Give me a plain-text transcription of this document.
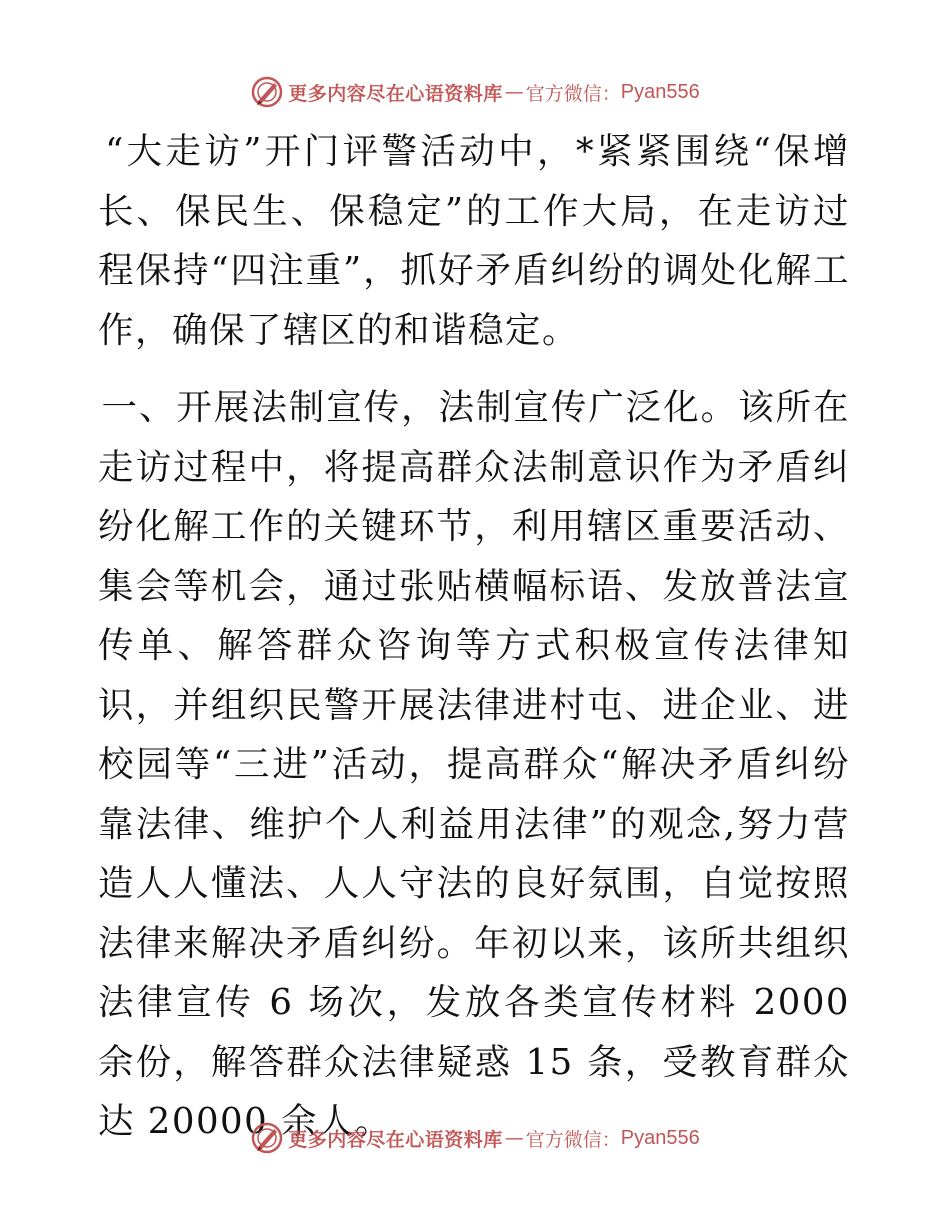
更多内容尽在心语资料库 — 官方微信： Pyan556

“大走访”开门评警活动中，*紧紧围绕“保增长、保民生、保稳定”的工作大局，在走访过程保持“四注重”，抓好矛盾纠纷的调处化解工作，确保了辖区的和谐稳定。

一、开展法制宣传，法制宣传广泛化。该所在走访过程中，将提高群众法制意识作为矛盾纠纷化解工作的关键环节，利用辖区重要活动、集会等机会，通过张贴横幅标语、发放普法宣传单、解答群众咨询等方式积极宣传法律知识，并组织民警开展法律进村屯、进企业、进校园等“三进”活动，提高群众“解决矛盾纠纷靠法律、维护个人利益用法律”的观念,努力营造人人懂法、人人守法的良好氛围，自觉按照法律来解决矛盾纠纷。年初以来，该所共组织法律宣传 6 场次，发放各类宣传材料 2000 余份，解答群众法律疑惑 15 条，受教育群众达 20000 余人。

更多内容尽在心语资料库 — 官方微信： Pyan556
